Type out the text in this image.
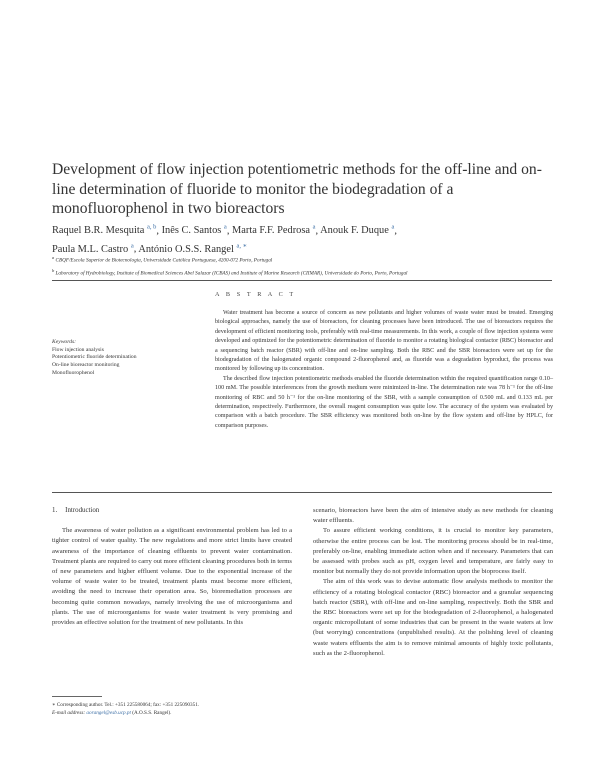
Development of flow injection potentiometric methods for the off-line and on-line determination of fluoride to monitor the biodegradation of a monofluorophenol in two bioreactors
Raquel B.R. Mesquita $^{a, b}$, Inês C. Santos $^a$, Marta F.F. Pedrosa $^a$, Anouk F. Duque $^a$,
Paula M.L. Castro $^a$, António O.S.S. Rangel $^{a, ∗}$
$^a$ CBQF/Escola Superior de Biotecnologia, Universidade Católica Portuguesa, 4200-072 Porto, Portugal
$^b$ Laboratory of Hydrobiology, Institute of Biomedical Sciences Abel Salazar (ICBAS) and Institute of Marine Research (CIIMAR), Universidade do Porto, Porto, Portugal
A B S T R A C T
Keywords:
Flow injection analysis
Potentiometric fluoride determination
On-line bioreactor monitoring
Monofluorophenol

Water treatment has become a source of concern as new pollutants and higher volumes of waste water must be treated. Emerging biological approaches, namely the use of bioreactors, for cleaning processes have been introduced. The use of bioreactors requires the development of efficient monitoring tools, preferably with real-time measurements. In this work, a couple of flow injection systems were developed and optimized for the potentiometric determination of fluoride to monitor a rotating biological contactor (RBC) bioreactor and a sequencing batch reactor (SBR) with off-line and on-line sampling. Both the RBC and the SBR bioreactors were set up for the biodegradation of the halogenated organic compound 2-fluorophenol and, as fluoride was a degradation byproduct, the process was monitored by following up its concentration.

The described flow injection potentiometric methods enabled the fluoride determination within the required quantification range 0.10–100 mM. The possible interferences from the growth medium were minimized in-line. The determination rate was 78 h⁻¹ for the off-line monitoring of RBC and 50 h⁻¹ for the on-line monitoring of the SBR, with a sample consumption of 0.500 mL and 0.133 mL per determination, respectively. Furthermore, the overall reagent consumption was quite low. The accuracy of the system was evaluated by comparison with a batch procedure. The SBR efficiency was monitored both on-line by the flow system and off-line by HPLC, for comparison purposes.

1. Introduction

The awareness of water pollution as a significant environmental problem has led to a tighter control of water quality. The new regulations and more strict limits have created awareness of the importance of cleaning effluents to prevent water contamination. Treatment plants are required to carry out more efficient cleaning procedures both in terms of new parameters and higher effluent volume. Due to the exponential increase of the volume of waste water to be treated, treatment plants must become more efficient, avoiding the need to increase their operation area. So, bioremediation processes are becoming quite common nowadays, namely involving the use of microorganisms and plants. The use of microorganisms for waste water treatment is very promising and provides an effective solution for the treatment of new pollutants. In this

scenario, bioreactors have been the aim of intensive study as new methods for cleaning water effluents.

To assure efficient working conditions, it is crucial to monitor key parameters, otherwise the entire process can be lost. The monitoring process should be in real-time, preferably on-line, enabling immediate action when and if necessary. Parameters that can be assessed with probes such as pH, oxygen level and temperature, are fairly easy to monitor but normally they do not provide information upon the bioprocess itself.

The aim of this work was to devise automatic flow analysis methods to monitor the efficiency of a rotating biological contactor (RBC) bioreactor and a granular sequencing batch reactor (SBR), with off-line and on-line sampling, respectively. Both the SBR and the RBC bioreactors were set up for the biodegradation of 2-fluorophenol, a halogenated organic micropollutant of some industries that can be present in the waste waters at low (but worrying) concentrations (unpublished results). At the polishing level of cleaning waste waters effluents the aim is to remove minimal amounts of highly toxic pollutants, such as the 2-fluorophenol.

∗ Corresponding author. Tel.: +351 225580064; fax: +351 225090351.
E-mail address: aorangel@esb.ucp.pt (A.O.S.S. Rangel).
